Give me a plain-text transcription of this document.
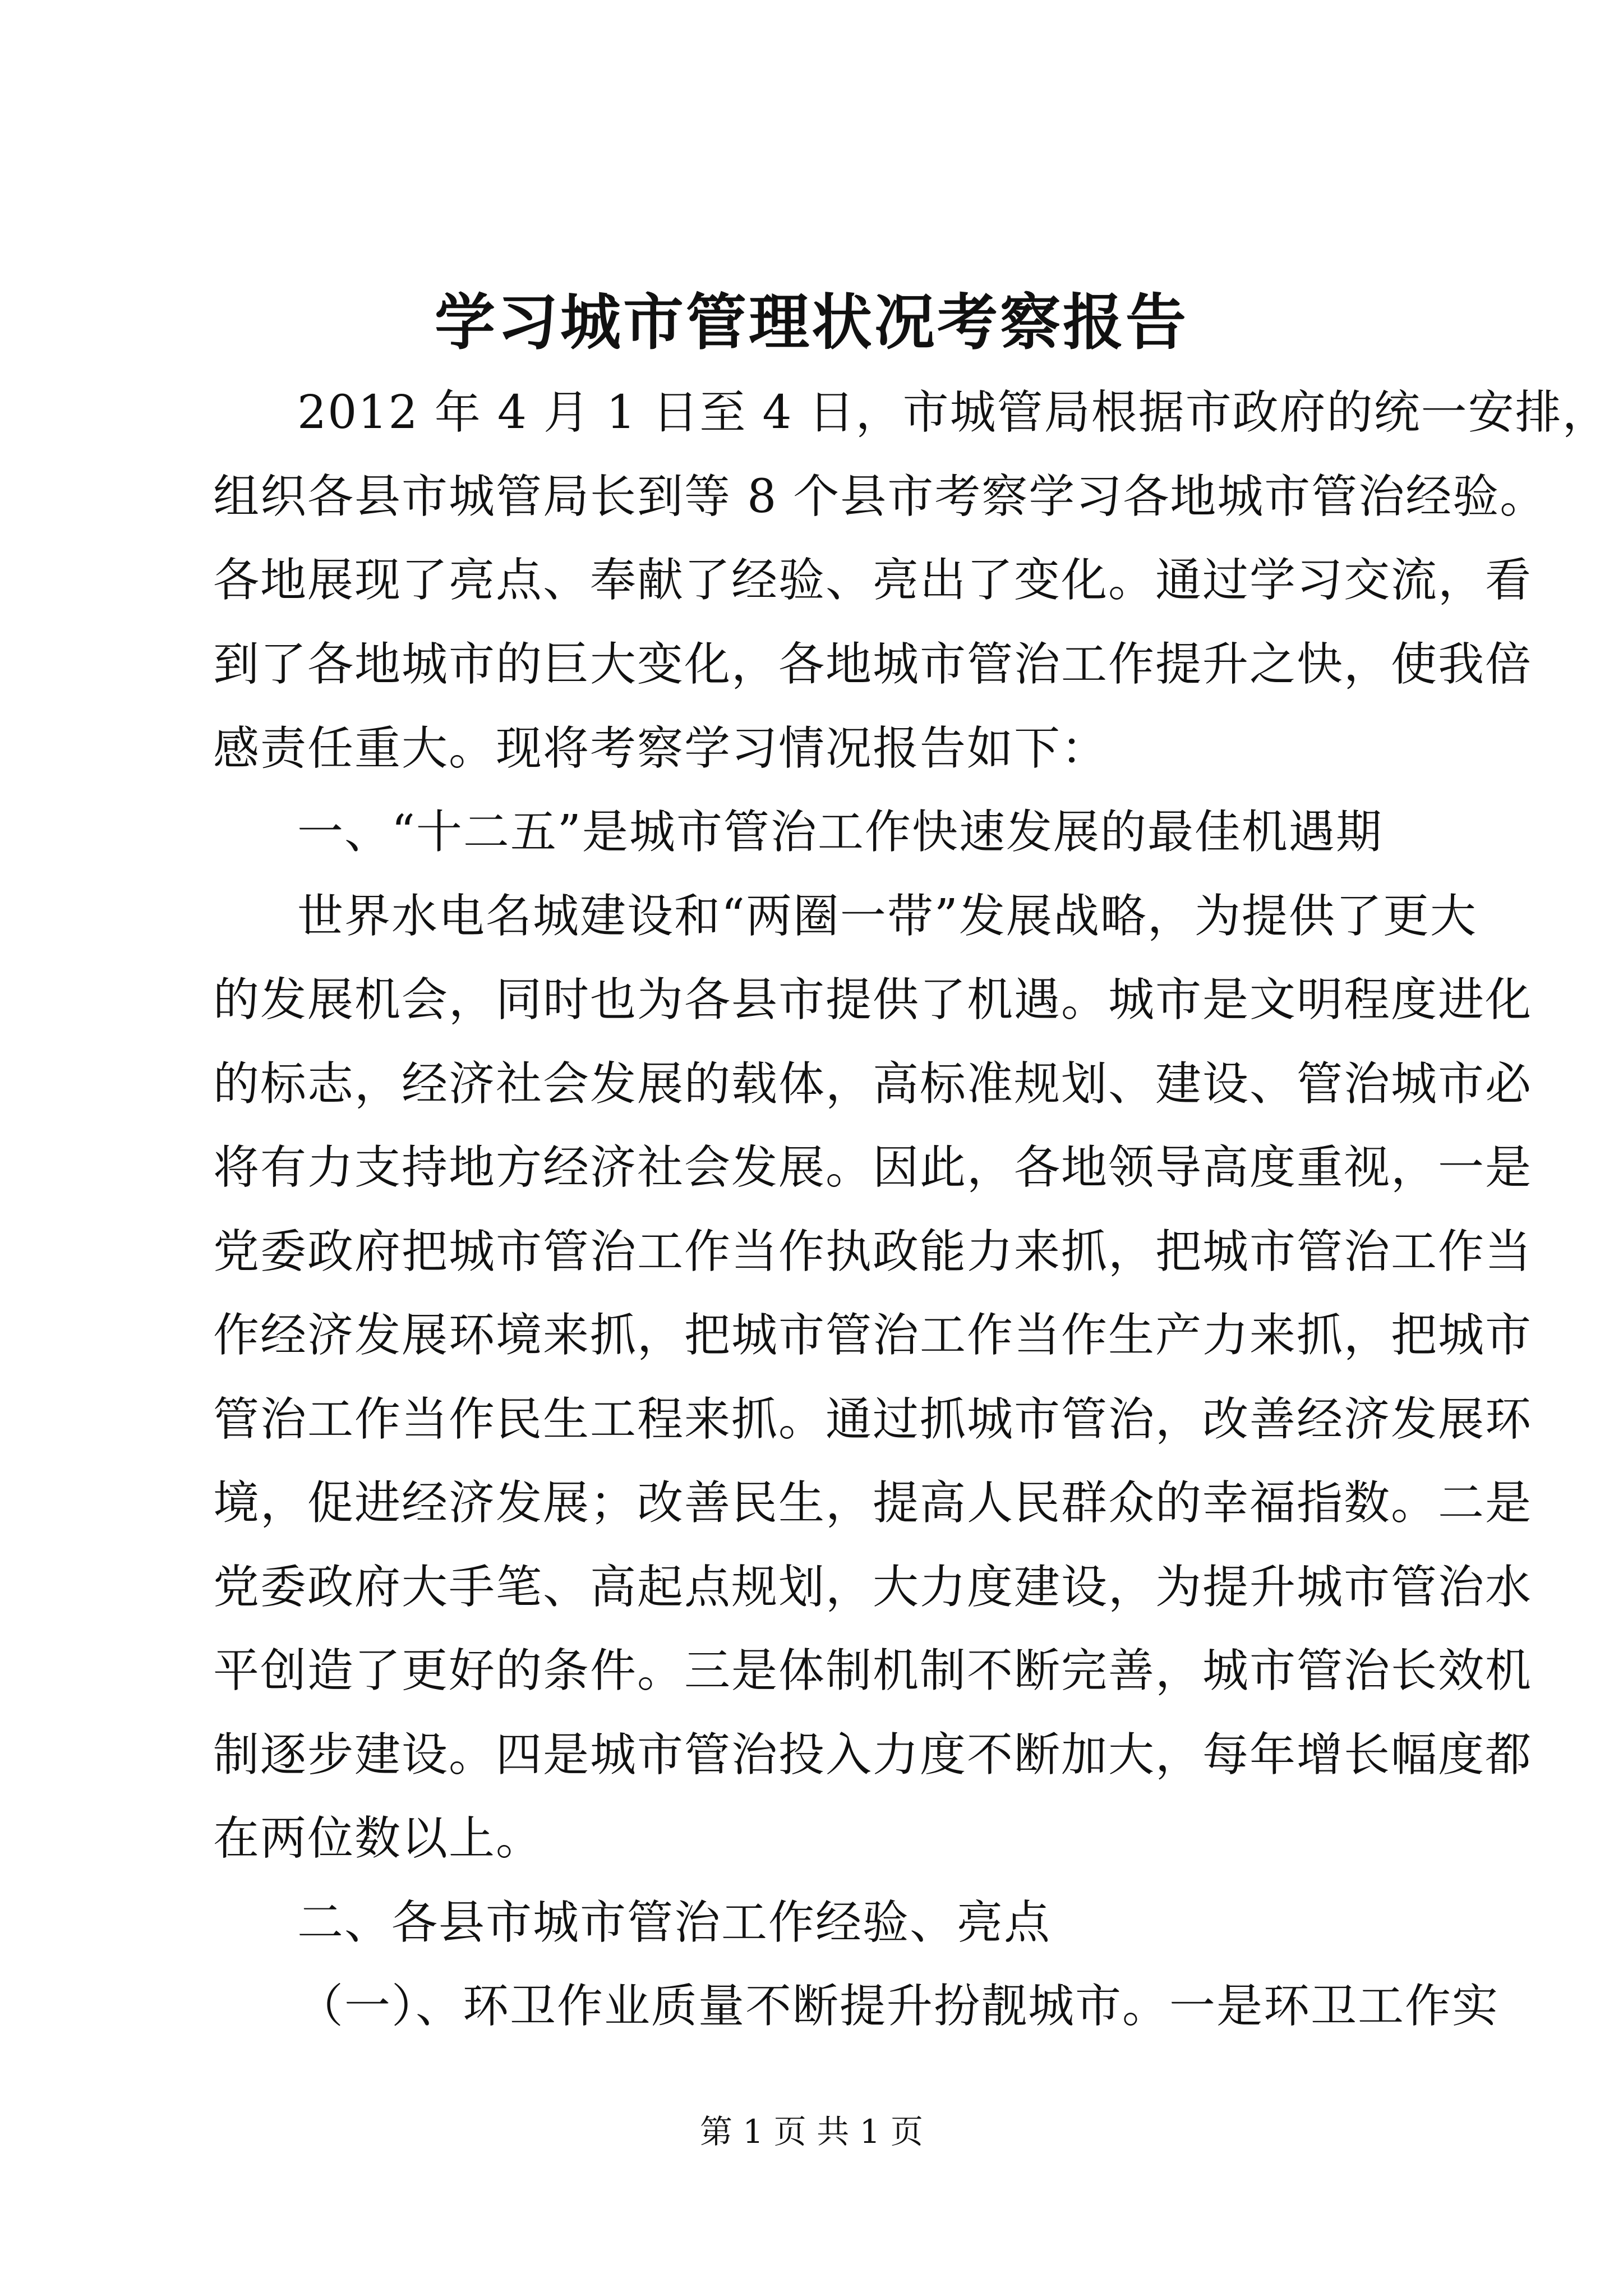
学习城市管理状况考察报告
2012 年 4 月 1 日至 4 日，市城管局根据市政府的统一安排，
组织各县市城管局长到等 8 个县市考察学习各地城市管治经验。
各地展现了亮点、奉献了经验、亮出了变化。通过学习交流，看
到了各地城市的巨大变化，各地城市管治工作提升之快，使我倍
感责任重大。现将考察学习情况报告如下：
一、“十二五”是城市管治工作快速发展的最佳机遇期
世界水电名城建设和“两圈一带”发展战略，为提供了更大
的发展机会，同时也为各县市提供了机遇。城市是文明程度进化
的标志，经济社会发展的载体，高标准规划、建设、管治城市必
将有力支持地方经济社会发展。因此，各地领导高度重视，一是
党委政府把城市管治工作当作执政能力来抓，把城市管治工作当
作经济发展环境来抓，把城市管治工作当作生产力来抓，把城市
管治工作当作民生工程来抓。通过抓城市管治，改善经济发展环
境，促进经济发展；改善民生，提高人民群众的幸福指数。二是
党委政府大手笔、高起点规划，大力度建设，为提升城市管治水
平创造了更好的条件。三是体制机制不断完善，城市管治长效机
制逐步建设。四是城市管治投入力度不断加大，每年增长幅度都
在两位数以上。
二、各县市城市管治工作经验、亮点
（一）、环卫作业质量不断提升扮靓城市。一是环卫工作实
第 1 页 共 1 页
